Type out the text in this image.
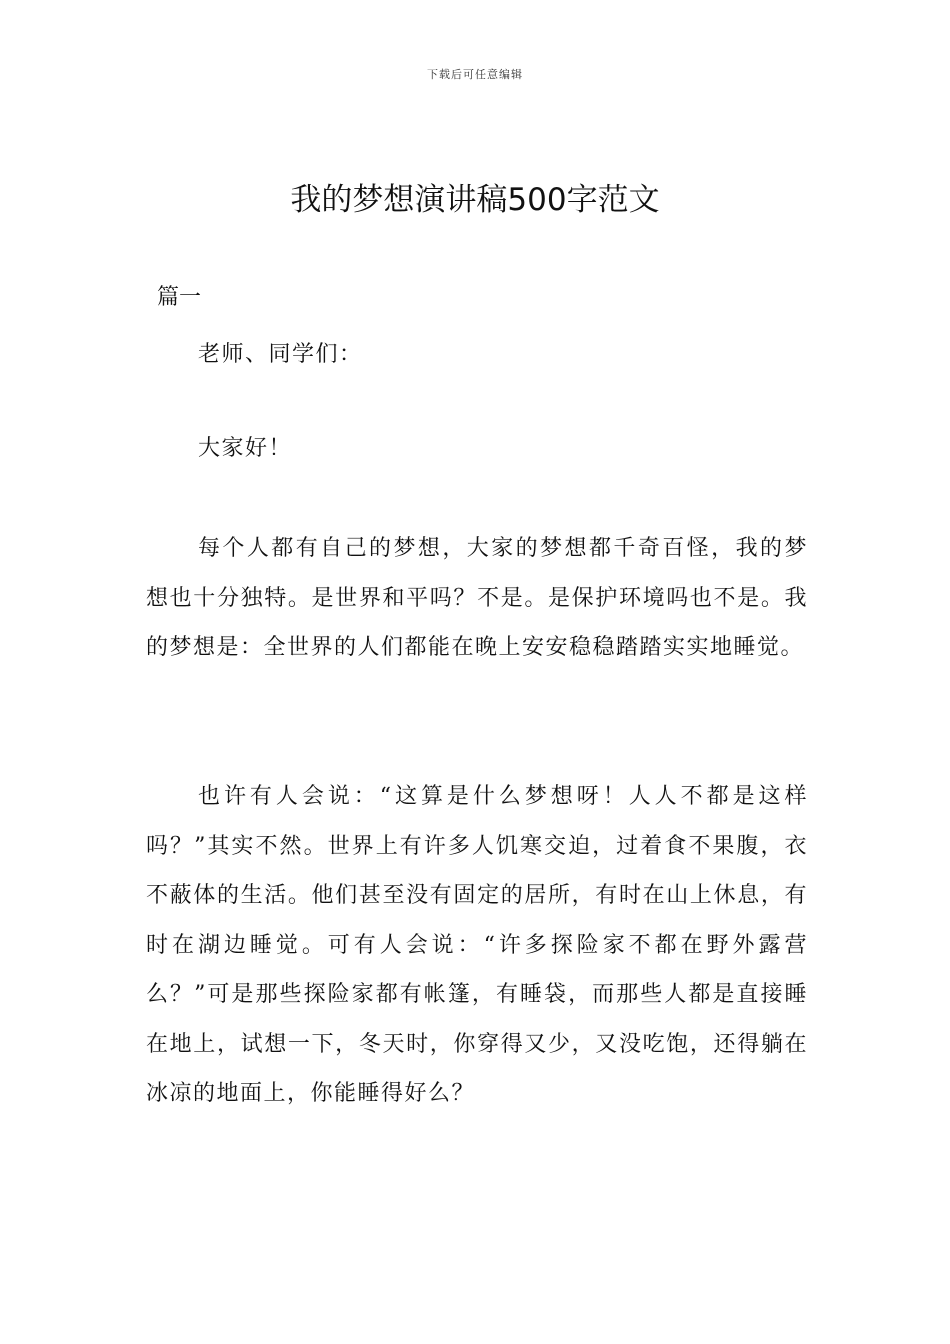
下载后可任意编辑
我的梦想演讲稿500字范文
篇一

老师、同学们：

大家好！

每个人都有自己的梦想，大家的梦想都千奇百怪，我的梦想也十分独特。是世界和平吗？不是。是保护环境吗也不是。我的梦想是：全世界的人们都能在晚上安安稳稳踏踏实实地睡觉。

也许有人会说：“这算是什么梦想呀！人人不都是这样吗？”其实不然。世界上有许多人饥寒交迫，过着食不果腹，衣不蔽体的生活。他们甚至没有固定的居所，有时在山上休息，有时在湖边睡觉。可有人会说：“许多探险家不都在野外露营么？”可是那些探险家都有帐篷，有睡袋，而那些人都是直接睡在地上，试想一下，冬天时，你穿得又少，又没吃饱，还得躺在冰凉的地面上，你能睡得好么？
